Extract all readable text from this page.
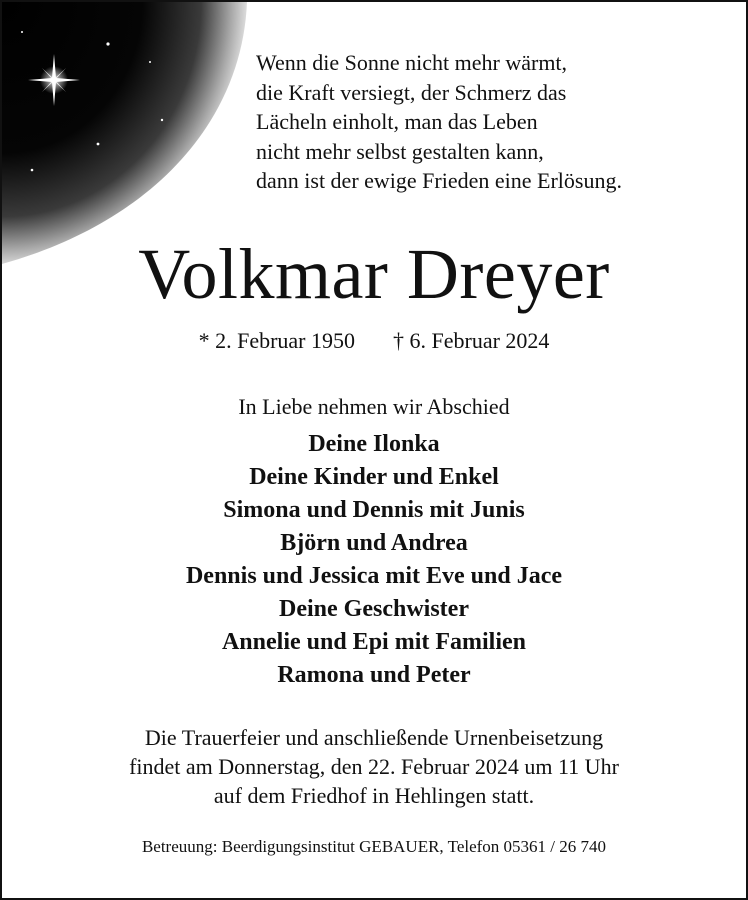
Wenn die Sonne nicht mehr wärmt,
die Kraft versiegt, der Schmerz das
Lächeln einholt, man das Leben
nicht mehr selbst gestalten kann,
dann ist der ewige Frieden eine Erlösung.
Volkmar Dreyer
* 2. Februar 1950 † 6. Februar 2024
In Liebe nehmen wir Abschied
Deine Ilonka
Deine Kinder und Enkel
Simona und Dennis mit Junis
Björn und Andrea
Dennis und Jessica mit Eve und Jace
Deine Geschwister
Annelie und Epi mit Familien
Ramona und Peter
Die Trauerfeier und anschließende Urnenbeisetzung
findet am Donnerstag, den 22. Februar 2024 um 11 Uhr
auf dem Friedhof in Hehlingen statt.
Betreuung: Beerdigungsinstitut GEBAUER, Telefon 05361 / 26 740
